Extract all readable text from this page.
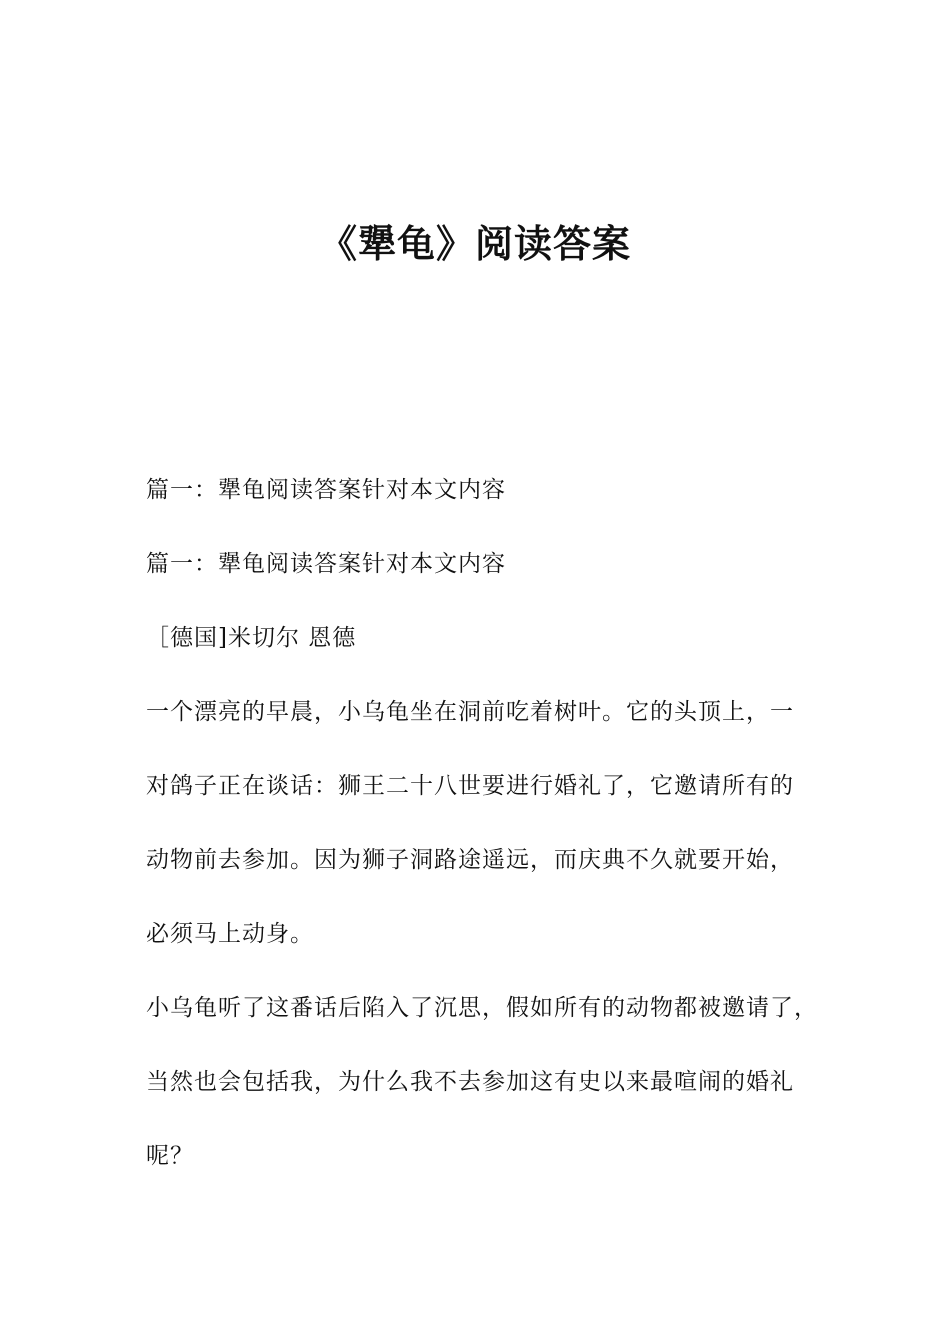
《犟龟》阅读答案

篇一：犟龟阅读答案针对本文内容

篇一：犟龟阅读答案针对本文内容

［德国]米切尔 恩德

一个漂亮的早晨，小乌龟坐在洞前吃着树叶。它的头顶上，一

对鸽子正在谈话：狮王二十八世要进行婚礼了，它邀请所有的

动物前去参加。因为狮子洞路途遥远，而庆典不久就要开始，

必须马上动身。

小乌龟听了这番话后陷入了沉思，假如所有的动物都被邀请了，

当然也会包括我，为什么我不去参加这有史以来最喧闹的婚礼

呢？
